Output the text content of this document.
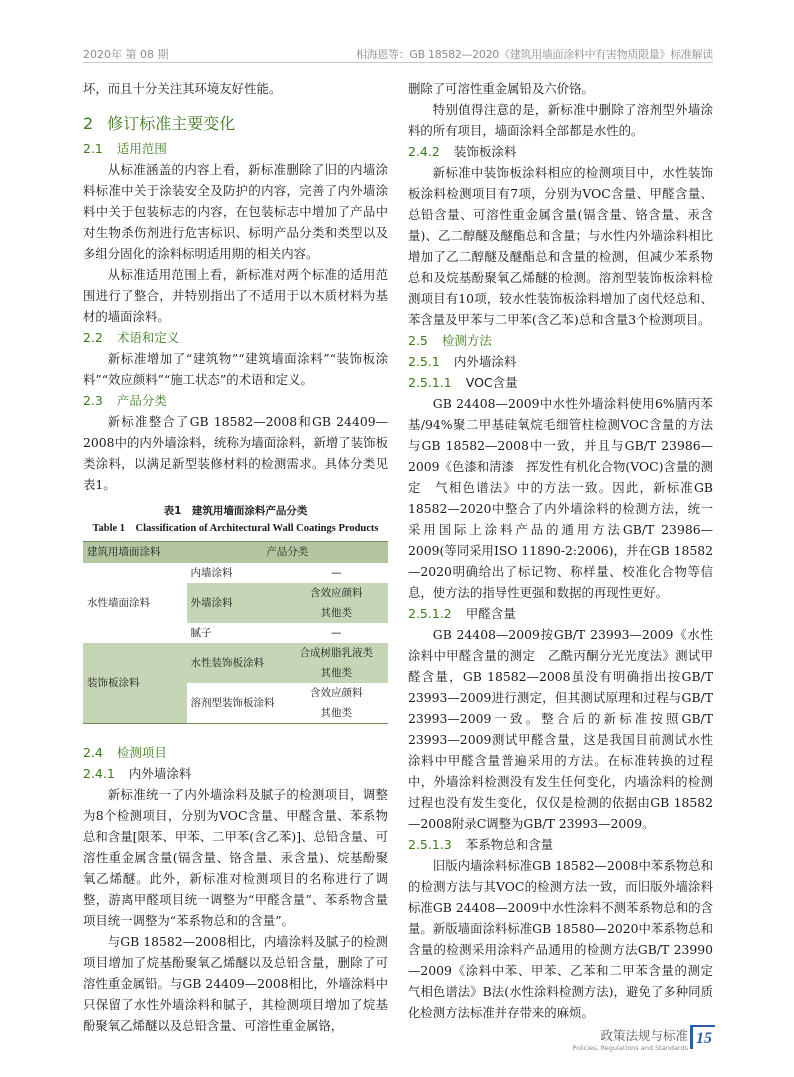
2020年 第 08 期	相海恩等：GB 18582—2020《建筑用墙面涂料中有害物质限量》标准解读
坏，而且十分关注其环境友好性能。
2 修订标准主要变化
2.1 适用范围
从标准涵盖的内容上看，新标准删除了旧的内墙涂料标准中关于涂装安全及防护的内容，完善了内外墙涂料中关于包装标志的内容，在包装标志中增加了产品中对生物杀伤剂进行危害标识、标明产品分类和类型以及多组分固化的涂料标明适用期的相关内容。
从标准适用范围上看，新标准对两个标准的适用范围进行了整合，并特别指出了不适用于以木质材料为基材的墙面涂料。
2.2 术语和定义
新标准增加了“建筑物”“建筑墙面涂料”“装饰板涂料”“效应颜料”“施工状态”的术语和定义。
2.3 产品分类
新标准整合了GB 18582—2008和GB 24409—2008中的内外墙涂料，统称为墙面涂料，新增了装饰板类涂料，以满足新型装修材料的检测需求。具体分类见表1。
表1　建筑用墙面涂料产品分类
Table 1　Classification of Architectural Wall Coatings Products
建筑用墙面涂料	产品分类	
水性墙面涂料	内墙涂料	—
	外墙涂料	含效应颜料
		其他类
	腻子	—
装饰板涂料	水性装饰板涂料	合成树脂乳液类
		其他类
	溶剂型装饰板涂料	含效应颜料
		其他类
2.4 检测项目
2.4.1 内外墙涂料
新标准统一了内外墙涂料及腻子的检测项目，调整为8个检测项目，分别为VOC含量、甲醛含量、苯系物总和含量[限苯、甲苯、二甲苯(含乙苯)]、总铅含量、可溶性重金属含量(镉含量、铬含量、汞含量)、烷基酚聚氧乙烯醚。此外，新标准对检测项目的名称进行了调整，游离甲醛项目统一调整为“甲醛含量”、苯系物含量项目统一调整为“苯系物总和的含量”。
与GB 18582—2008相比，内墙涂料及腻子的检测项目增加了烷基酚聚氧乙烯醚以及总铅含量，删除了可溶性重金属铅。与GB 24409—2008相比，外墙涂料中只保留了水性外墙涂料和腻子，其检测项目增加了烷基酚聚氧乙烯醚以及总铅含量、可溶性重金属铬，
删除了可溶性重金属铅及六价铬。
特别值得注意的是，新标准中删除了溶剂型外墙涂料的所有项目，墙面涂料全部都是水性的。
2.4.2 装饰板涂料
新标准中装饰板涂料相应的检测项目中，水性装饰板涂料检测项目有7项，分别为VOC含量、甲醛含量、总铅含量、可溶性重金属含量(镉含量、铬含量、汞含量)、乙二醇醚及醚酯总和含量；与水性内外墙涂料相比增加了乙二醇醚及醚酯总和含量的检测，但减少苯系物总和及烷基酚聚氧乙烯醚的检测。溶剂型装饰板涂料检测项目有10项，较水性装饰板涂料增加了卤代烃总和、苯含量及甲苯与二甲苯(含乙苯)总和含量3个检测项目。
2.5 检测方法
2.5.1 内外墙涂料
2.5.1.1 VOC含量
GB 24408—2009中水性外墙涂料使用6%腈丙苯基/94%聚二甲基硅氧烷毛细管柱检测VOC含量的方法与GB 18582—2008中一致，并且与GB/T 23986—2009《色漆和清漆　挥发性有机化合物(VOC)含量的测定　气相色谱法》中的方法一致。因此，新标准GB 18582—2020中整合了内外墙涂料的检测方法，统一采用国际上涂料产品的通用方法GB/T 23986—2009(等同采用ISO 11890-2:2006)，并在GB 18582—2020明确给出了标记物、称样量、校准化合物等信息，使方法的指导性更强和数据的再现性更好。
2.5.1.2 甲醛含量
GB 24408—2009按GB/T 23993—2009《水性涂料中甲醛含量的测定　乙酰丙酮分光光度法》测试甲醛含量，GB 18582—2008虽没有明确指出按GB/T 23993—2009进行测定，但其测试原理和过程与GB/T 23993—2009一致。整合后的新标准按照GB/T 23993—2009测试甲醛含量，这是我国目前测试水性涂料中甲醛含量普遍采用的方法。在标准转换的过程中，外墙涂料检测没有发生任何变化，内墙涂料的检测过程也没有发生变化，仅仅是检测的依据由GB 18582—2008附录C调整为GB/T 23993—2009。
2.5.1.3 苯系物总和含量
旧版内墙涂料标准GB 18582—2008中苯系物总和的检测方法与其VOC的检测方法一致，而旧版外墙涂料标准GB 24408—2009中水性涂料不测苯系物总和的含量。新版墙面涂料标准GB 18580—2020中苯系物总和含量的检测采用涂料产品通用的检测方法GB/T 23990—2009《涂料中苯、甲苯、乙苯和二甲苯含量的测定　气相色谱法》B法(水性涂料检测方法)，避免了多种同质化检测方法标准并存带来的麻烦。
政策法规与标准
Policies, Regulations and Standards
15
